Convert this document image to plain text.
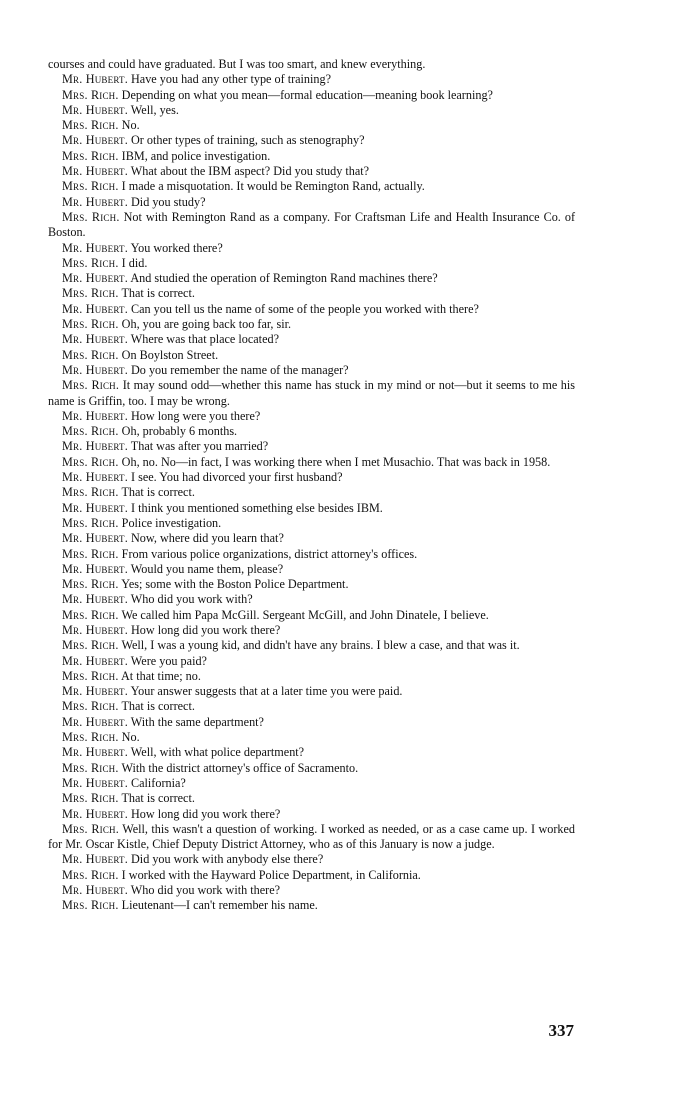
courses and could have graduated. But I was too smart, and knew everything.

Mr. Hubert. Have you had any other type of training?

Mrs. Rich. Depending on what you mean—formal education—meaning book learning?

Mr. Hubert. Well, yes.

Mrs. Rich. No.

Mr. Hubert. Or other types of training, such as stenography?

Mrs. Rich. IBM, and police investigation.

Mr. Hubert. What about the IBM aspect? Did you study that?

Mrs. Rich. I made a misquotation. It would be Remington Rand, actually.

Mr. Hubert. Did you study?

Mrs. Rich. Not with Remington Rand as a company. For Craftsman Life and Health Insurance Co. of Boston.

Mr. Hubert. You worked there?

Mrs. Rich. I did.

Mr. Hubert. And studied the operation of Remington Rand machines there?

Mrs. Rich. That is correct.

Mr. Hubert. Can you tell us the name of some of the people you worked with there?

Mrs. Rich. Oh, you are going back too far, sir.

Mr. Hubert. Where was that place located?

Mrs. Rich. On Boylston Street.

Mr. Hubert. Do you remember the name of the manager?

Mrs. Rich. It may sound odd—whether this name has stuck in my mind or not—but it seems to me his name is Griffin, too. I may be wrong.

Mr. Hubert. How long were you there?

Mrs. Rich. Oh, probably 6 months.

Mr. Hubert. That was after you married?

Mrs. Rich. Oh, no. No—in fact, I was working there when I met Musachio. That was back in 1958.

Mr. Hubert. I see. You had divorced your first husband?

Mrs. Rich. That is correct.

Mr. Hubert. I think you mentioned something else besides IBM.

Mrs. Rich. Police investigation.

Mr. Hubert. Now, where did you learn that?

Mrs. Rich. From various police organizations, district attorney's offices.

Mr. Hubert. Would you name them, please?

Mrs. Rich. Yes; some with the Boston Police Department.

Mr. Hubert. Who did you work with?

Mrs. Rich. We called him Papa McGill. Sergeant McGill, and John Dinatele, I believe.

Mr. Hubert. How long did you work there?

Mrs. Rich. Well, I was a young kid, and didn't have any brains. I blew a case, and that was it.

Mr. Hubert. Were you paid?

Mrs. Rich. At that time; no.

Mr. Hubert. Your answer suggests that at a later time you were paid.

Mrs. Rich. That is correct.

Mr. Hubert. With the same department?

Mrs. Rich. No.

Mr. Hubert. Well, with what police department?

Mrs. Rich. With the district attorney's office of Sacramento.

Mr. Hubert. California?

Mrs. Rich. That is correct.

Mr. Hubert. How long did you work there?

Mrs. Rich. Well, this wasn't a question of working. I worked as needed, or as a case came up. I worked for Mr. Oscar Kistle, Chief Deputy District Attorney, who as of this January is now a judge.

Mr. Hubert. Did you work with anybody else there?

Mrs. Rich. I worked with the Hayward Police Department, in California.

Mr. Hubert. Who did you work with there?

Mrs. Rich. Lieutenant—I can't remember his name.

337
